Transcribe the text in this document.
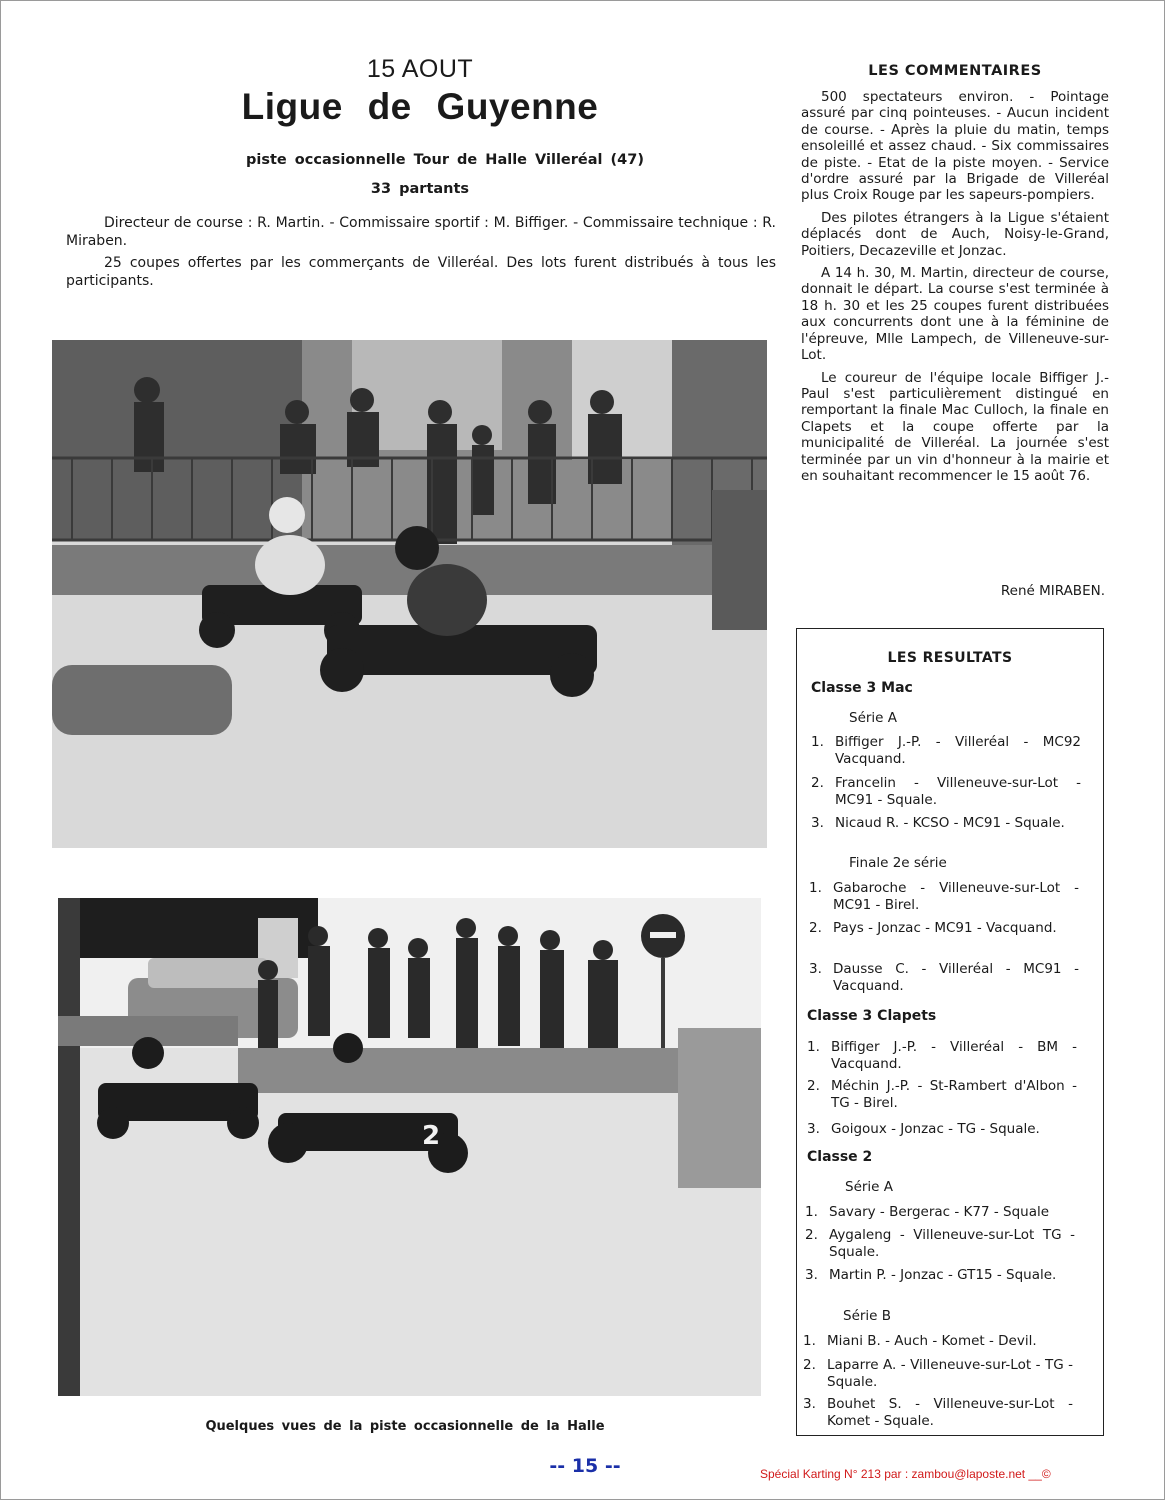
15 AOUT
Ligue de Guyenne
piste occasionnelle Tour de Halle Villeréal (47)
33 partants

Directeur de course : R. Martin. - Commissaire sportif : M. Biffiger. - Commissaire technique : R. Miraben.

25 coupes offertes par les commerçants de Villeréal. Des lots furent distribués à tous les participants.

2
Quelques vues de la piste occasionnelle de la Halle
LES COMMENTAIRES

500 spectateurs environ. - Pointage assuré par cinq pointeuses. - Aucun incident de course. - Après la pluie du matin, temps ensoleillé et assez chaud. - Six commissaires de piste. - Etat de la piste moyen. - Service d'ordre assuré par la Brigade de Villeréal plus Croix Rouge par les sapeurs-pompiers.

Des pilotes étrangers à la Ligue s'étaient déplacés dont de Auch, Noisy-le-Grand, Poitiers, Decazeville et Jonzac.

A 14 h. 30, M. Martin, directeur de course, donnait le départ. La course s'est terminée à 18 h. 30 et les 25 coupes furent distribuées aux concurrents dont une à la féminine de l'épreuve, Mlle Lampech, de Villeneuve-sur-Lot.

Le coureur de l'équipe locale Biffiger J.-Paul s'est particulièrement distingué en remportant la finale Mac Culloch, la finale en Clapets et la coupe offerte par la municipalité de Villeréal. La journée s'est terminée par un vin d'honneur à la mairie et en souhaitant recommencer le 15 août 76.

René MIRABEN.
LES RESULTATS
Classe 3 Mac
Série A
1. Biffiger J.-P. - Villeréal - MC92 Vacquand.
2. Francelin - Villeneuve-sur-Lot - MC91 - Squale.
3. Nicaud R. - KCSO - MC91 - Squale.
Finale 2e série
1. Gabaroche - Villeneuve-sur-Lot - MC91 - Birel.
2. Pays - Jonzac - MC91 - Vacquand.
3. Dausse C. - Villeréal - MC91 - Vacquand.
Classe 3 Clapets
1. Biffiger J.-P. - Villeréal - BM - Vacquand.
2. Méchin J.-P. - St-Rambert d'Albon - TG - Birel.
3. Goigoux - Jonzac - TG - Squale.
Classe 2
Série A
1. Savary - Bergerac - K77 - Squale
2. Aygaleng - Villeneuve-sur-Lot TG - Squale.
3. Martin P. - Jonzac - GT15 - Squale.
Série B
1. Miani B. - Auch - Komet - Devil.
2. Laparre A. - Villeneuve-sur-Lot - TG - Squale.
3. Bouhet S. - Villeneuve-sur-Lot - Komet - Squale.
-- 15 --	Spécial Karting N° 213 par : zambou@laposte.net __©
